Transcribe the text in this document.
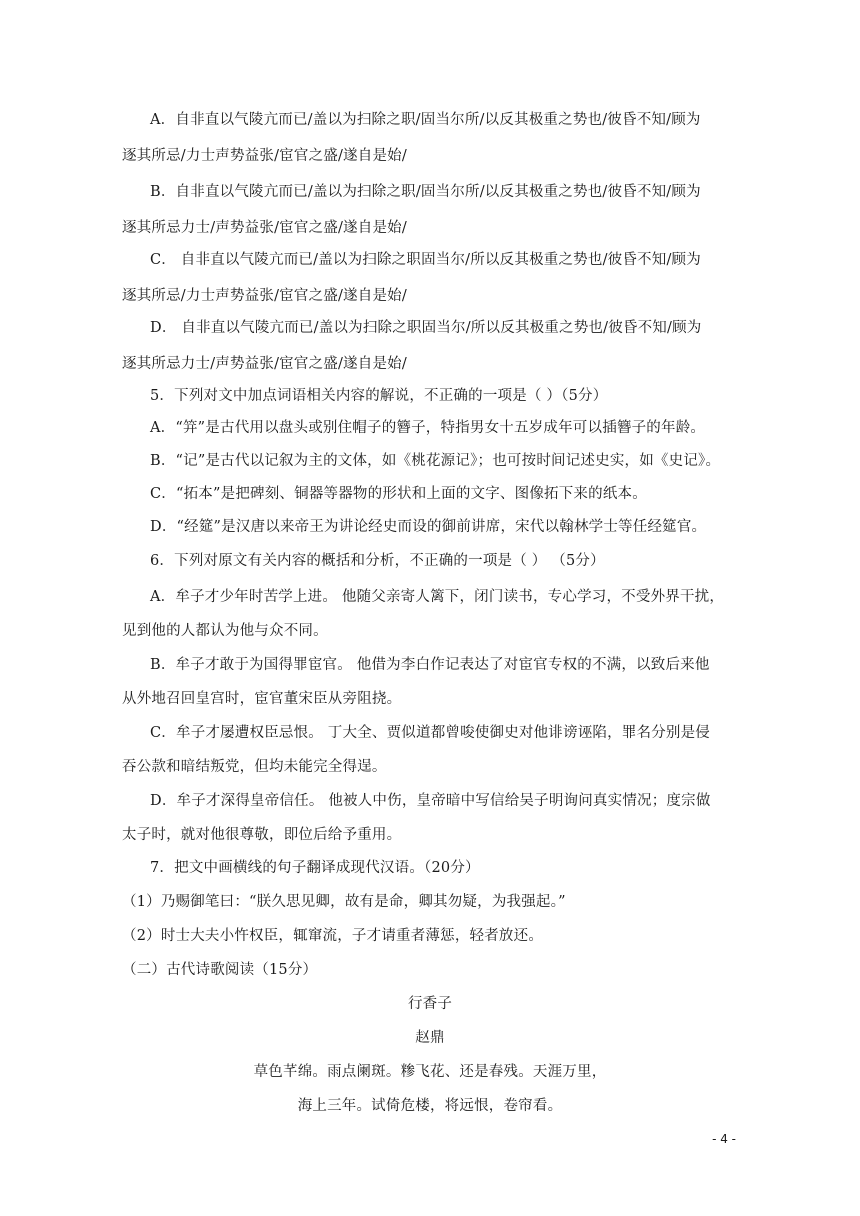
A．自非直以气陵亢而已/盖以为扫除之职/固当尔所/以反其极重之势也/彼昏不知/顾为
逐其所忌/力士声势益张/宦官之盛/遂自是始/
B．自非直以气陵亢而已/盖以为扫除之职/固当尔所/以反其极重之势也/彼昏不知/顾为
逐其所忌力士/声势益张/宦官之盛/遂自是始/
C． 自非直以气陵亢而已/盖以为扫除之职固当尔/所以反其极重之势也/彼昏不知/顾为
逐其所忌/力士声势益张/宦官之盛/遂自是始/
D． 自非直以气陵亢而已/盖以为扫除之职固当尔/所以反其极重之势也/彼昏不知/顾为
逐其所忌力士/声势益张/宦官之盛/遂自是始/
5．下列对文中加点词语相关内容的解说，不正确的一项是（ ）（5分）
A．“笄”是古代用以盘头或别住帽子的簪子，特指男女十五岁成年可以插簪子的年龄。
B．“记”是古代以记叙为主的文体，如《桃花源记》；也可按时间记述史实，如《史记》。
C．“拓本”是把碑刻、铜器等器物的形状和上面的文字、图像拓下来的纸本。
D．“经筵”是汉唐以来帝王为讲论经史而设的御前讲席，宋代以翰林学士等任经筵官。
6．下列对原文有关内容的概括和分析，不正确的一项是（ ） （5分）
A．牟子才少年时苦学上进。 他随父亲寄人篱下，闭门读书，专心学习，不受外界干扰，
见到他的人都认为他与众不同。
B．牟子才敢于为国得罪宦官。 他借为李白作记表达了对宦官专权的不满，以致后来他
从外地召回皇宫时，宦官董宋臣从旁阻挠。
C．牟子才屡遭权臣忌恨。 丁大全、贾似道都曾唆使御史对他诽谤诬陷，罪名分别是侵
吞公款和暗结叛党，但均未能完全得逞。
D．牟子才深得皇帝信任。 他被人中伤，皇帝暗中写信给吴子明询问真实情况；度宗做
太子时，就对他很尊敬，即位后给予重用。
7．把文中画横线的句子翻译成现代汉语。（20分）
（1）乃赐御笔曰：“朕久思见卿，故有是命，卿其勿疑，为我强起。”
（2）时士大夫小忤权臣，辄窜流，子才请重者薄惩，轻者放还。
（二）古代诗歌阅读（15分）
行香子
赵鼎
草色芊绵。雨点阑斑。糁飞花、还是春残。天涯万里，
海上三年。试倚危楼，将远恨，卷帘看。
- 4 -
